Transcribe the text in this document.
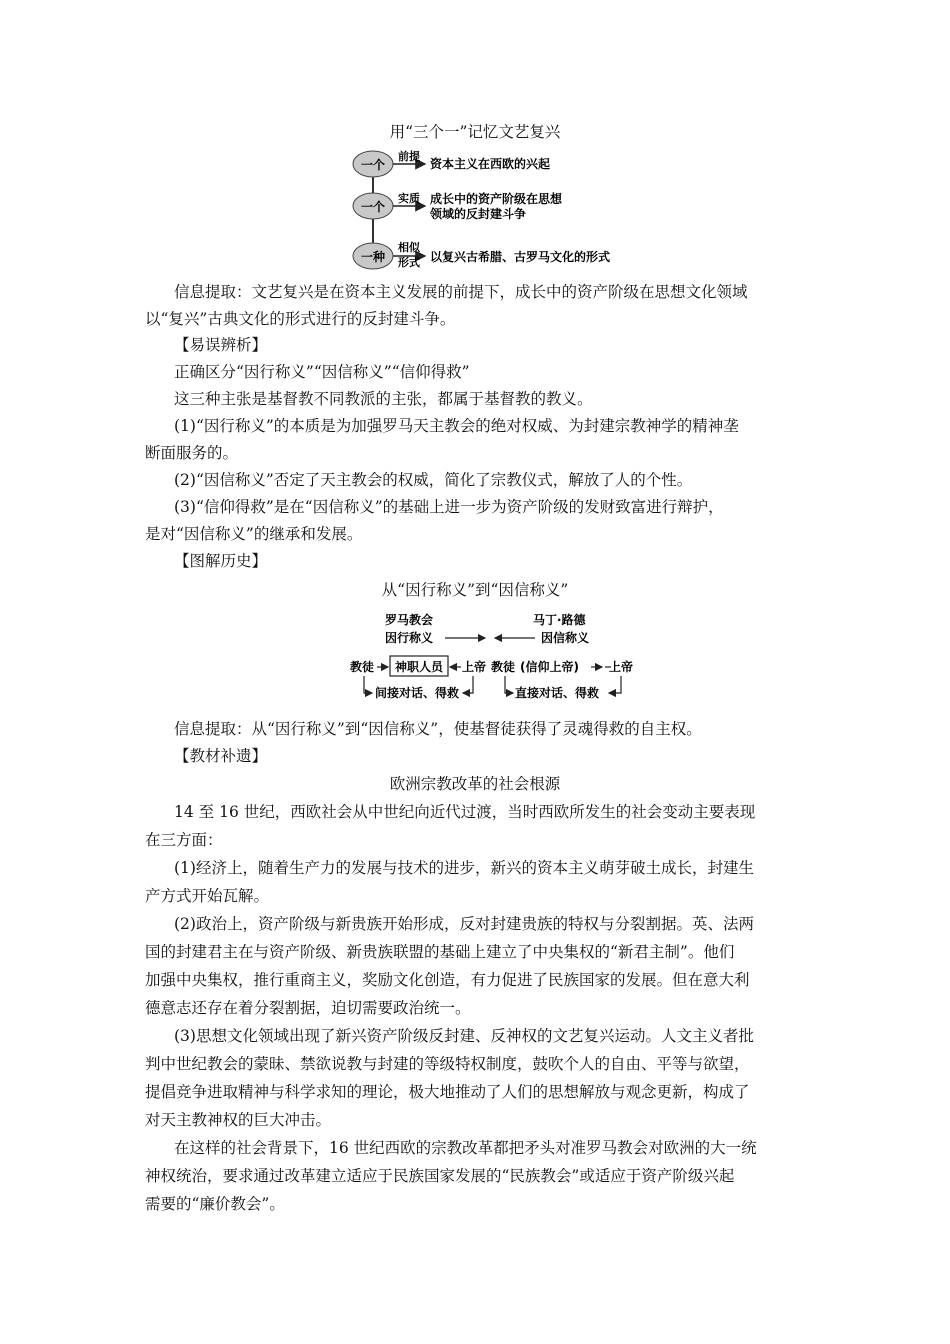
用“三个一”记忆文艺复兴
一个
前提
资本主义在西欧的兴起
一个
实质 成长中的资产阶级在思想
领域的反封建斗争
一种
相似
形式 以复兴古希腊、古罗马文化的形式
信息提取：文艺复兴是在资本主义发展的前提下，成长中的资产阶级在思想文化领域
以“复兴”古典文化的形式进行的反封建斗争。
【易误辨析】
正确区分“因行称义”“因信称义”“信仰得救”
这三种主张是基督教不同教派的主张，都属于基督教的教义。
(1)“因行称义”的本质是为加强罗马天主教会的绝对权威、为封建宗教神学的精神垄
断面服务的。
(2)“因信称义”否定了天主教会的权威，简化了宗教仪式，解放了人的个性。
(3)“信仰得救”是在“因信称义”的基础上进一步为资产阶级的发财致富进行辩护，
是对“因信称义”的继承和发展。
【图解历史】
从“因行称义”到“因信称义”
罗马教会
因行称义
马丁·路德
因信称义
教徒 神职人员 上帝
间接对话、得救
教徒 (信仰上帝)	上帝
直接对话、得救
信息提取：从“因行称义”到“因信称义”，使基督徒获得了灵魂得救的自主权。
【教材补遗】
欧洲宗教改革的社会根源
14 至 16 世纪，西欧社会从中世纪向近代过渡，当时西欧所发生的社会变动主要表现
在三方面：
(1)经济上，随着生产力的发展与技术的进步，新兴的资本主义萌芽破土成长，封建生
产方式开始瓦解。
(2)政治上，资产阶级与新贵族开始形成，反对封建贵族的特权与分裂割据。英、法两
国的封建君主在与资产阶级、新贵族联盟的基础上建立了中央集权的“新君主制”。他们
加强中央集权，推行重商主义，奖励文化创造，有力促进了民族国家的发展。但在意大利
德意志还存在着分裂割据，迫切需要政治统一。
(3)思想文化领域出现了新兴资产阶级反封建、反神权的文艺复兴运动。人文主义者批
判中世纪教会的蒙昧、禁欲说教与封建的等级特权制度，鼓吹个人的自由、平等与欲望，
提倡竞争进取精神与科学求知的理论，极大地推动了人们的思想解放与观念更新，构成了
对天主教神权的巨大冲击。
在这样的社会背景下，16 世纪西欧的宗教改革都把矛头对准罗马教会对欧洲的大一统
神权统治，要求通过改革建立适应于民族国家发展的“民族教会”或适应于资产阶级兴起
需要的“廉价教会”。
